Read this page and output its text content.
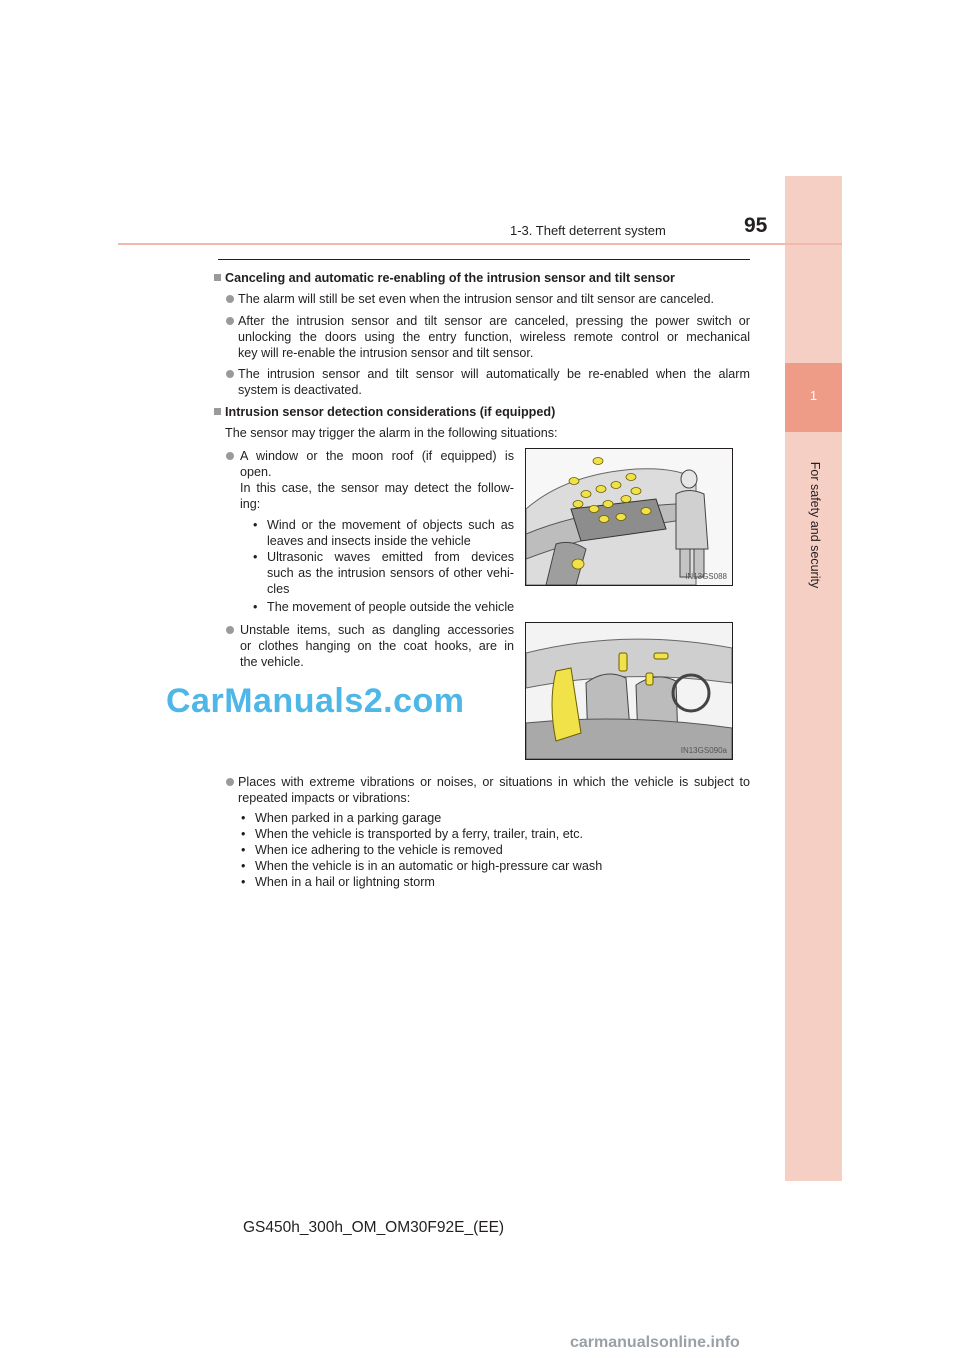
1
For safety and security
1-3. Theft deterrent system	95
Canceling and automatic re-enabling of the intrusion sensor and tilt sensor
The alarm will still be set even when the intrusion sensor and tilt sensor are canceled.
After the intrusion sensor and tilt sensor are canceled, pressing the power switch or
unlocking the doors using the entry function, wireless remote control or mechanical
key will re-enable the intrusion sensor and tilt sensor.
The intrusion sensor and tilt sensor will automatically be re-enabled when the alarm
system is deactivated.
Intrusion sensor detection considerations (if equipped)
The sensor may trigger the alarm in the following situations:
A window or the moon roof (if equipped) is
open.
In this case, the sensor may detect the follow-
ing:
• Wind or the movement of objects such as
leaves and insects inside the vehicle
• Ultrasonic waves emitted from devices
such as the intrusion sensors of other vehi-
cles
• The movement of people outside the vehicle
IN13GS088
Unstable items, such as dangling accessories
or clothes hanging on the coat hooks, are in
the vehicle.
IN13GS090a
Places with extreme vibrations or noises, or situations in which the vehicle is subject to
repeated impacts or vibrations:
• When parked in a parking garage
• When the vehicle is transported by a ferry, trailer, train, etc.
• When ice adhering to the vehicle is removed
• When the vehicle is in an automatic or high-pressure car wash
• When in a hail or lightning storm
CarManuals2.com
GS450h_300h_OM_OM30F92E_(EE)
carmanualsonline.info
